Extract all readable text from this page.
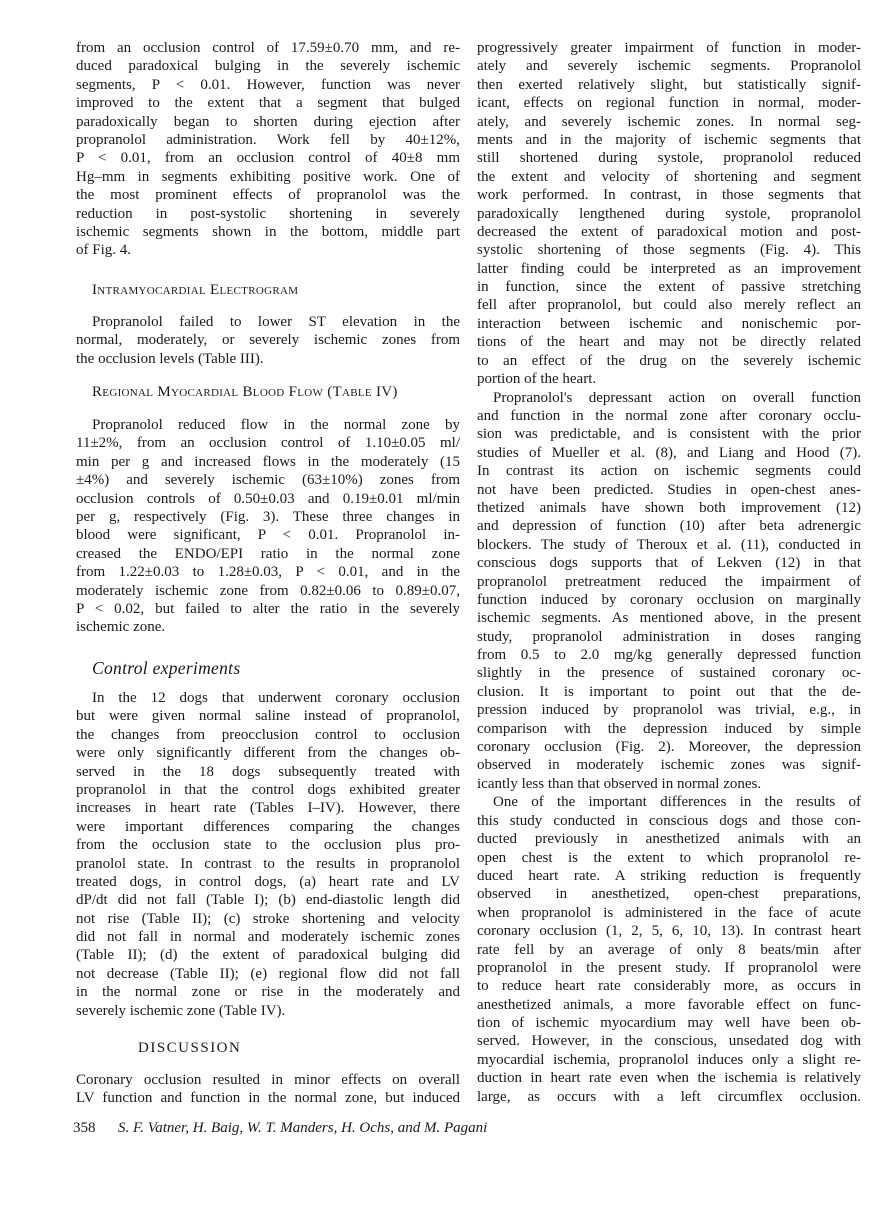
from an occlusion control of 17.59±0.70 mm, and re-
duced paradoxical bulging in the severely ischemic
segments, P < 0.01. However, function was never
improved to the extent that a segment that bulged
paradoxically began to shorten during ejection after
propranolol administration. Work fell by 40±12%,
P < 0.01, from an occlusion control of 40±8 mm
Hg–mm in segments exhibiting positive work. One of
the most prominent effects of propranolol was the
reduction in post-systolic shortening in severely
ischemic segments shown in the bottom, middle part
of Fig. 4.
Intramyocardial Electrogram
Propranolol failed to lower ST elevation in the
normal, moderately, or severely ischemic zones from
the occlusion levels (Table III).
Regional Myocardial Blood Flow (Table IV)
Propranolol reduced flow in the normal zone by
11±2%, from an occlusion control of 1.10±0.05 ml/
min per g and increased flows in the moderately (15
±4%) and severely ischemic (63±10%) zones from
occlusion controls of 0.50±0.03 and 0.19±0.01 ml/min
per g, respectively (Fig. 3). These three changes in
blood were significant, P < 0.01. Propranolol in-
creased the ENDO/EPI ratio in the normal zone
from 1.22±0.03 to 1.28±0.03, P < 0.01, and in the
moderately ischemic zone from 0.82±0.06 to 0.89±0.07,
P < 0.02, but failed to alter the ratio in the severely
ischemic zone.
Control experiments
In the 12 dogs that underwent coronary occlusion
but were given normal saline instead of propranolol,
the changes from preocclusion control to occlusion
were only significantly different from the changes ob-
served in the 18 dogs subsequently treated with
propranolol in that the control dogs exhibited greater
increases in heart rate (Tables I–IV). However, there
were important differences comparing the changes
from the occlusion state to the occlusion plus pro-
pranolol state. In contrast to the results in propranolol
treated dogs, in control dogs, (a) heart rate and LV
dP/dt did not fall (Table I); (b) end-diastolic length did
not rise (Table II); (c) stroke shortening and velocity
did not fall in normal and moderately ischemic zones
(Table II); (d) the extent of paradoxical bulging did
not decrease (Table II); (e) regional flow did not fall
in the normal zone or rise in the moderately and
severely ischemic zone (Table IV).
DISCUSSION
Coronary occlusion resulted in minor effects on overall
LV function and function in the normal zone, but induced
progressively greater impairment of function in moder-
ately and severely ischemic segments. Propranolol
then exerted relatively slight, but statistically signif-
icant, effects on regional function in normal, moder-
ately, and severely ischemic zones. In normal seg-
ments and in the majority of ischemic segments that
still shortened during systole, propranolol reduced
the extent and velocity of shortening and segment
work performed. In contrast, in those segments that
paradoxically lengthened during systole, propranolol
decreased the extent of paradoxical motion and post-
systolic shortening of those segments (Fig. 4). This
latter finding could be interpreted as an improvement
in function, since the extent of passive stretching
fell after propranolol, but could also merely reflect an
interaction between ischemic and nonischemic por-
tions of the heart and may not be directly related
to an effect of the drug on the severely ischemic
portion of the heart.
Propranolol's depressant action on overall function
and function in the normal zone after coronary occlu-
sion was predictable, and is consistent with the prior
studies of Mueller et al. (8), and Liang and Hood (7).
In contrast its action on ischemic segments could
not have been predicted. Studies in open-chest anes-
thetized animals have shown both improvement (12)
and depression of function (10) after beta adrenergic
blockers. The study of Theroux et al. (11), conducted in
conscious dogs supports that of Lekven (12) in that
propranolol pretreatment reduced the impairment of
function induced by coronary occlusion on marginally
ischemic segments. As mentioned above, in the present
study, propranolol administration in doses ranging
from 0.5 to 2.0 mg/kg generally depressed function
slightly in the presence of sustained coronary oc-
clusion. It is important to point out that the de-
pression induced by propranolol was trivial, e.g., in
comparison with the depression induced by simple
coronary occlusion (Fig. 2). Moreover, the depression
observed in moderately ischemic zones was signif-
icantly less than that observed in normal zones.
One of the important differences in the results of
this study conducted in conscious dogs and those con-
ducted previously in anesthetized animals with an
open chest is the extent to which propranolol re-
duced heart rate. A striking reduction is frequently
observed in anesthetized, open-chest preparations,
when propranolol is administered in the face of acute
coronary occlusion (1, 2, 5, 6, 10, 13). In contrast heart
rate fell by an average of only 8 beats/min after
propranolol in the present study. If propranolol were
to reduce heart rate considerably more, as occurs in
anesthetized animals, a more favorable effect on func-
tion of ischemic myocardium may well have been ob-
served. However, in the conscious, unsedated dog with
myocardial ischemia, propranolol induces only a slight re-
duction in heart rate even when the ischemia is relatively
large, as occurs with a left circumflex occlusion.
358 S. F. Vatner, H. Baig, W. T. Manders, H. Ochs, and M. Pagani
